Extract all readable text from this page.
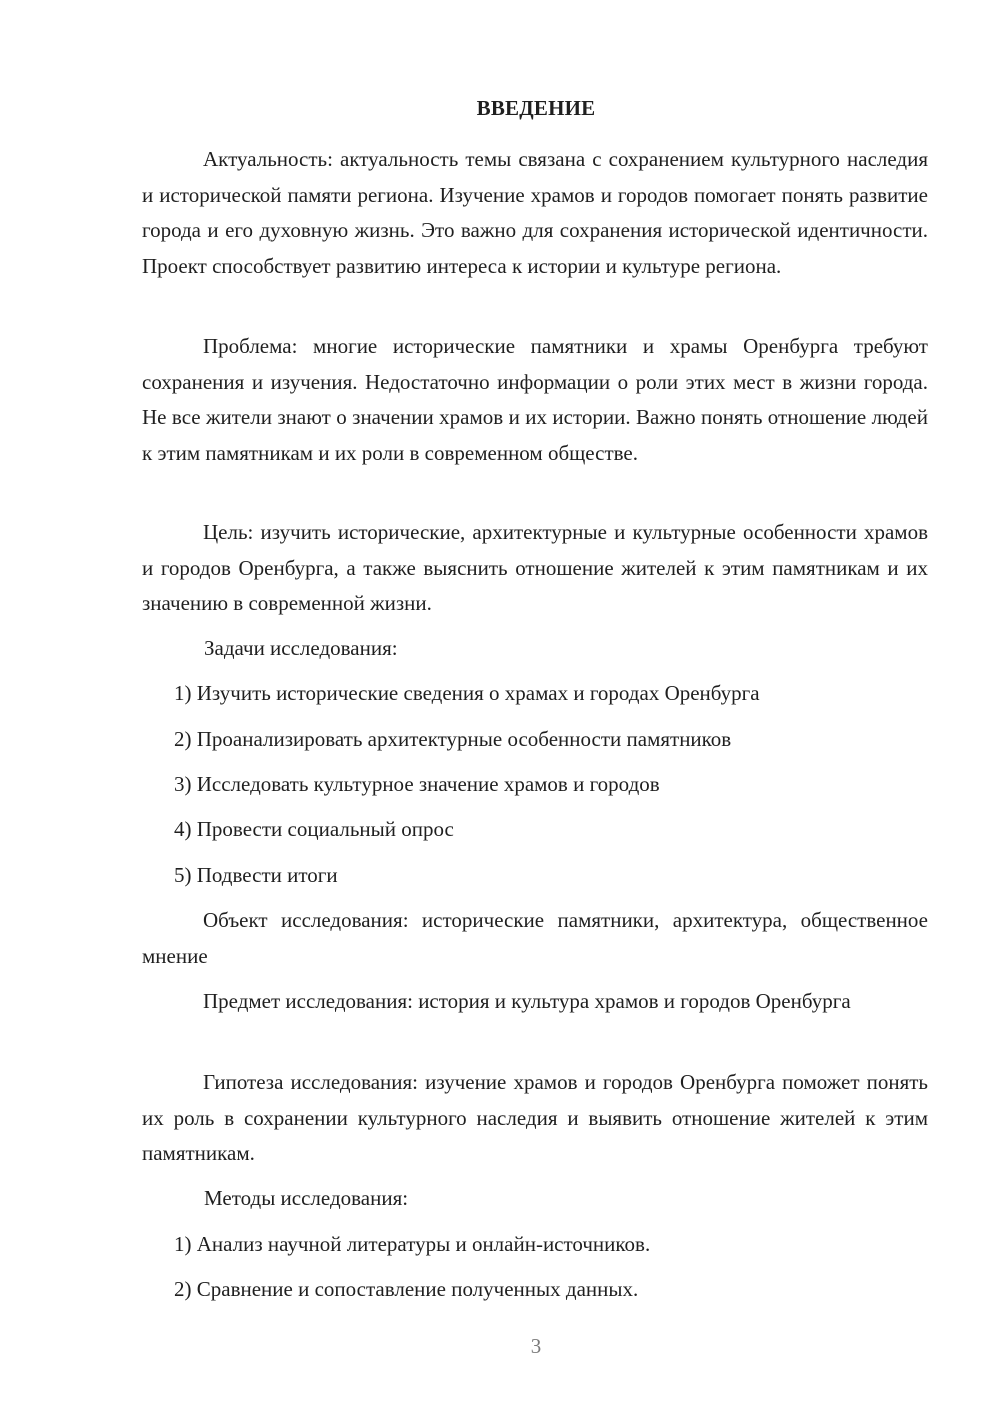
ВВЕДЕНИЕ

Актуальность: актуальность темы связана с сохранением культурного наследия и исторической памяти региона. Изучение храмов и городов помогает понять развитие города и его духовную жизнь. Это важно для сохранения исторической идентичности. Проект способствует развитию интереса к истории и культуре региона.

Проблема: многие исторические памятники и храмы Оренбурга требуют сохранения и изучения. Недостаточно информации о роли этих мест в жизни города. Не все жители знают о значении храмов и их истории. Важно понять отношение людей к этим памятникам и их роли в современном обществе.

Цель: изучить исторические, архитектурные и культурные особенности храмов и городов Оренбурга, а также выяснить отношение жителей к этим памятникам и их значению в современной жизни.

Задачи исследования:

1) Изучить исторические сведения о храмах и городах Оренбурга

2) Проанализировать архитектурные особенности памятников

3) Исследовать культурное значение храмов и городов

4) Провести социальный опрос

5) Подвести итоги

Объект исследования: исторические памятники, архитектура, общественное мнение

Предмет исследования: история и культура храмов и городов Оренбурга

Гипотеза исследования: изучение храмов и городов Оренбурга поможет понять их роль в сохранении культурного наследия и выявить отношение жителей к этим памятникам.

Методы исследования:

1) Анализ научной литературы и онлайн-источников.

2) Сравнение и сопоставление полученных данных.

3
